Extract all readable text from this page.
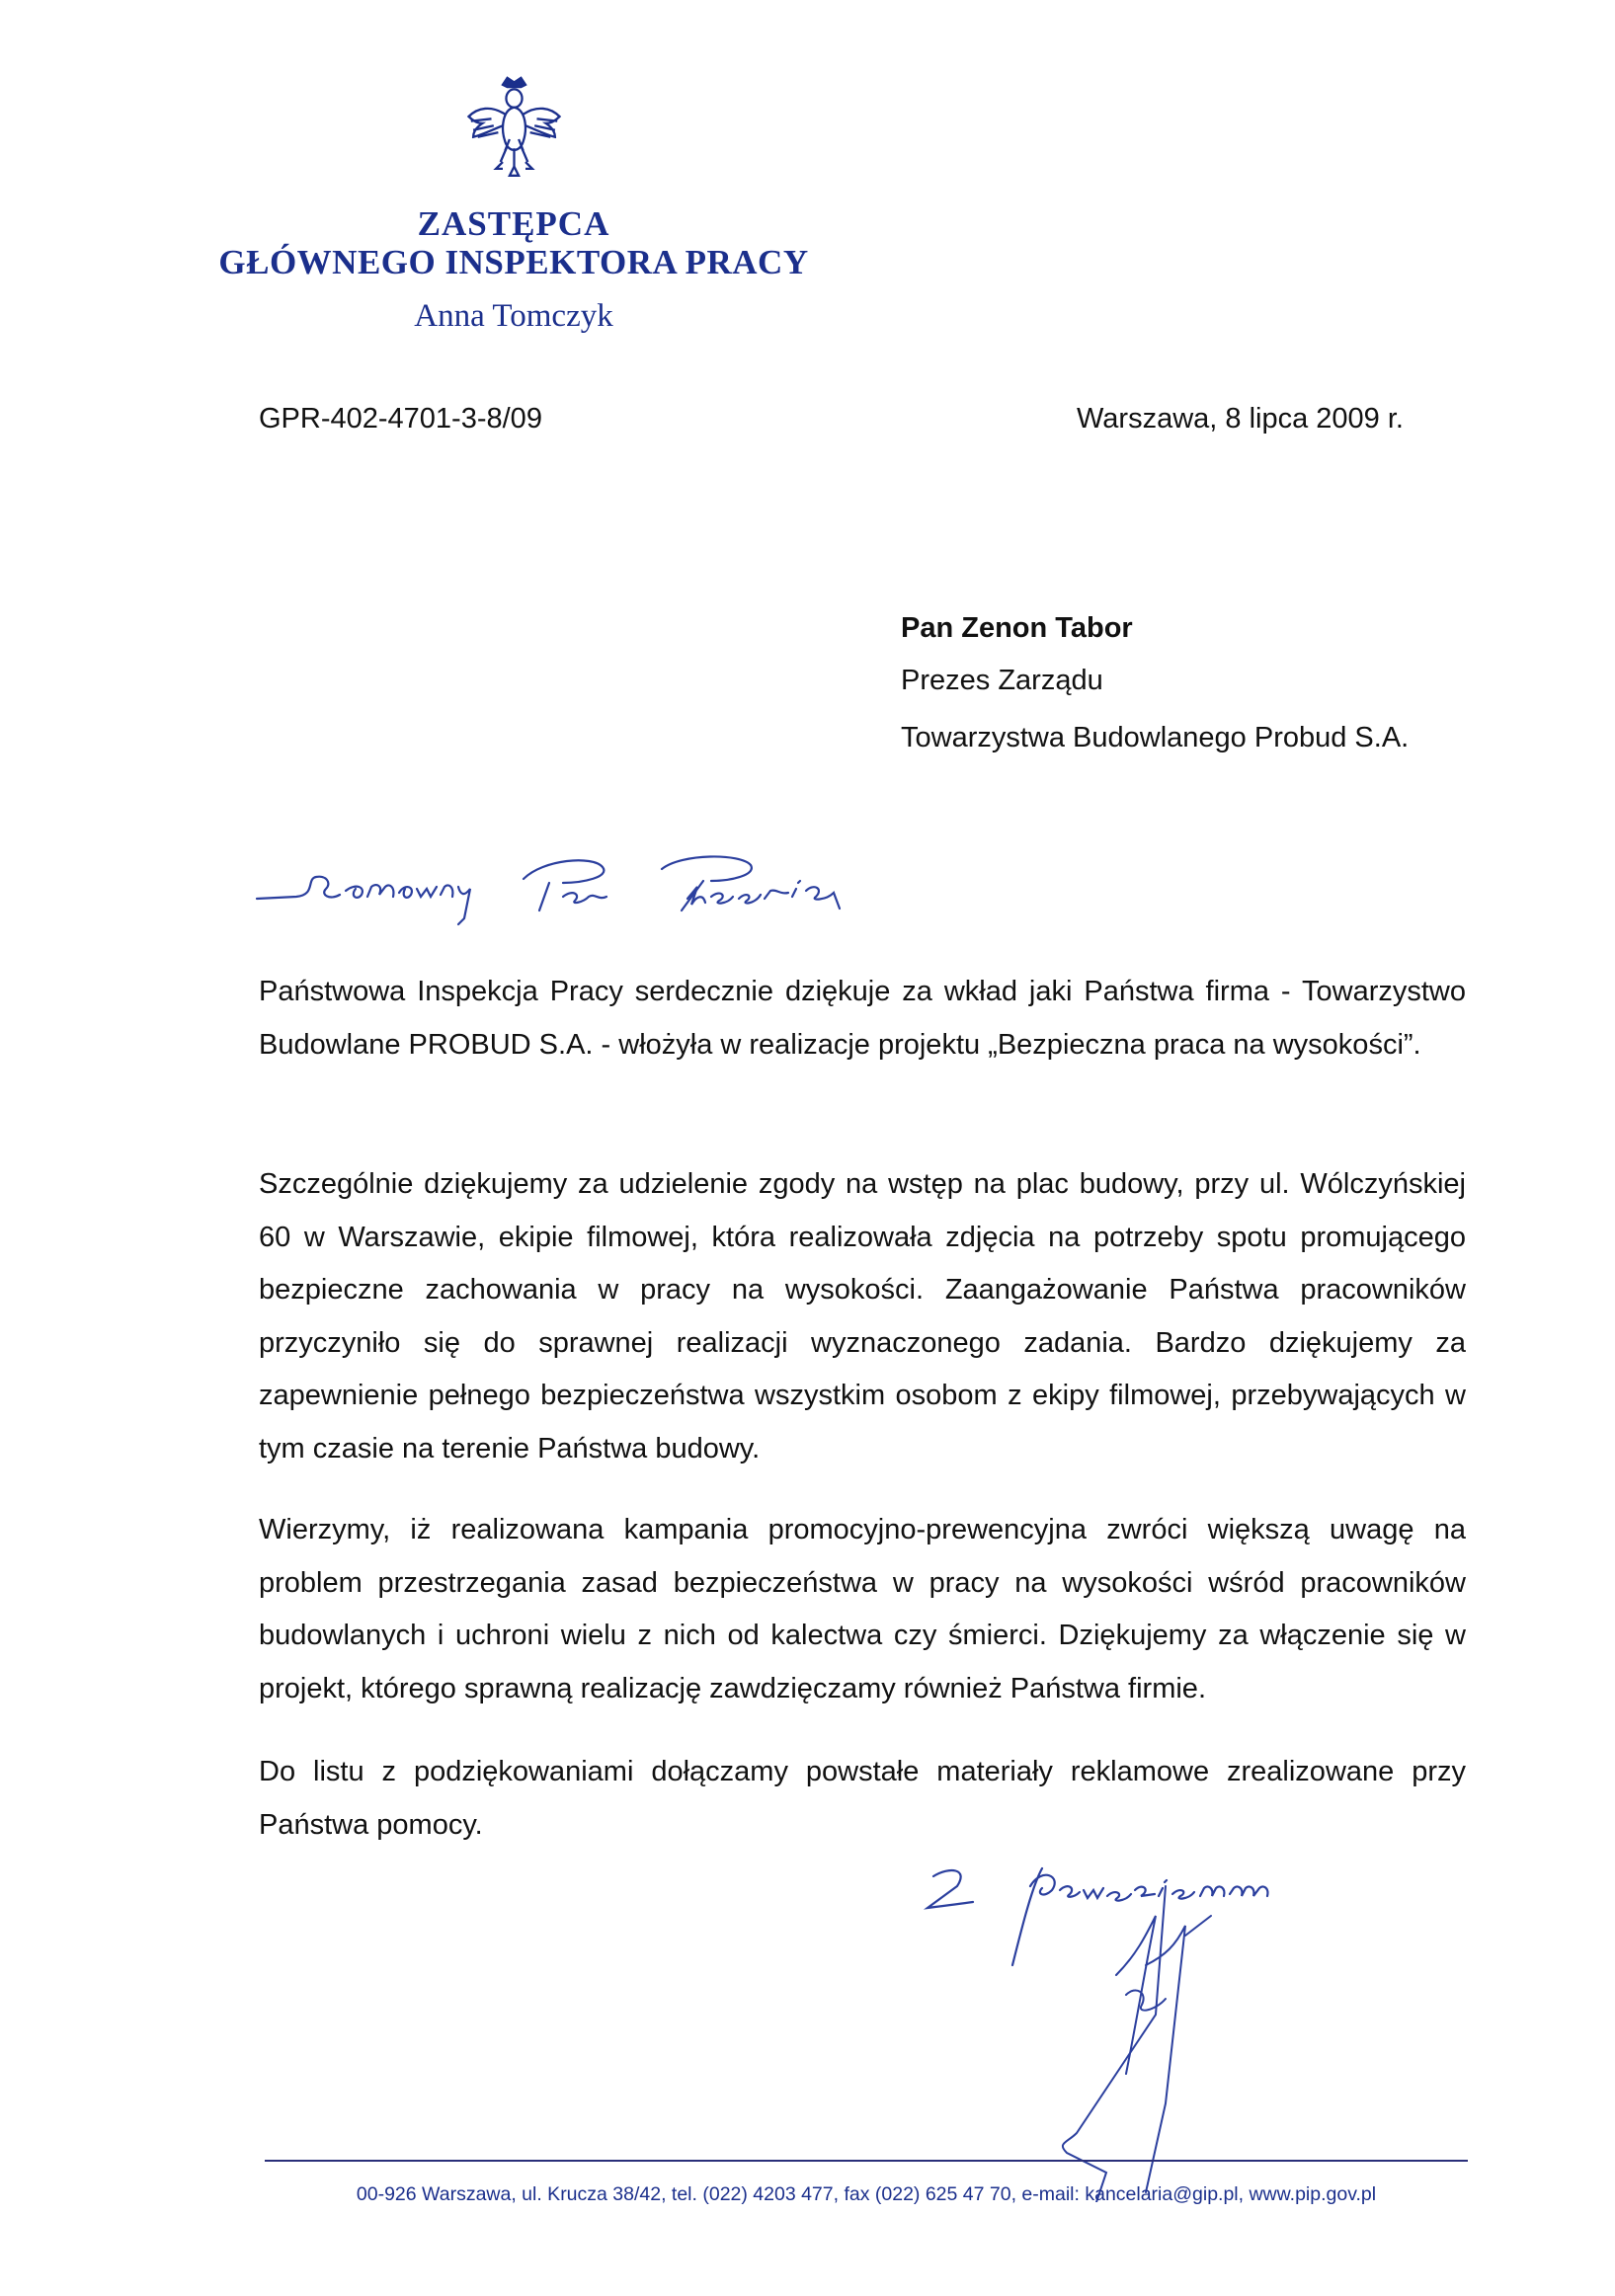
ZASTĘPCA
GŁÓWNEGO INSPEKTORA PRACY
Anna Tomczyk
GPR-402-4701-3-8/09	Warszawa, 8 lipca 2009 r.
Pan Zenon Tabor
Prezes Zarządu
Towarzystwa Budowlanego Probud S.A.

Państwowa Inspekcja Pracy serdecznie dziękuje za wkład jaki Państwa firma - Towarzystwo Budowlane PROBUD S.A. - włożyła w realizacje projektu „Bezpieczna praca na wysokości”.

Szczególnie dziękujemy za udzielenie zgody na wstęp na plac budowy, przy ul. Wólczyńskiej 60 w Warszawie, ekipie filmowej, która realizowała zdjęcia na potrzeby spotu promującego bezpieczne zachowania w pracy na wysokości. Zaangażowanie Państwa pracowników przyczyniło się do sprawnej realizacji wyznaczonego zadania. Bardzo dziękujemy za zapewnienie pełnego bezpieczeństwa wszystkim osobom z ekipy filmowej, przebywających w tym czasie na terenie Państwa budowy.

Wierzymy, iż realizowana kampania promocyjno-prewencyjna zwróci większą uwagę na problem przestrzegania zasad bezpieczeństwa w pracy na wysokości wśród pracowników budowlanych i uchroni wielu z nich od kalectwa czy śmierci. Dziękujemy za włączenie się w projekt, którego sprawną realizację zawdzięczamy również Państwa firmie.

Do listu z podziękowaniami dołączamy powstałe materiały reklamowe zrealizowane przy Państwa pomocy.

00-926 Warszawa, ul. Krucza 38/42, tel. (022) 4203 477, fax (022) 625 47 70, e-mail: kancelaria@gip.pl, www.pip.gov.pl
